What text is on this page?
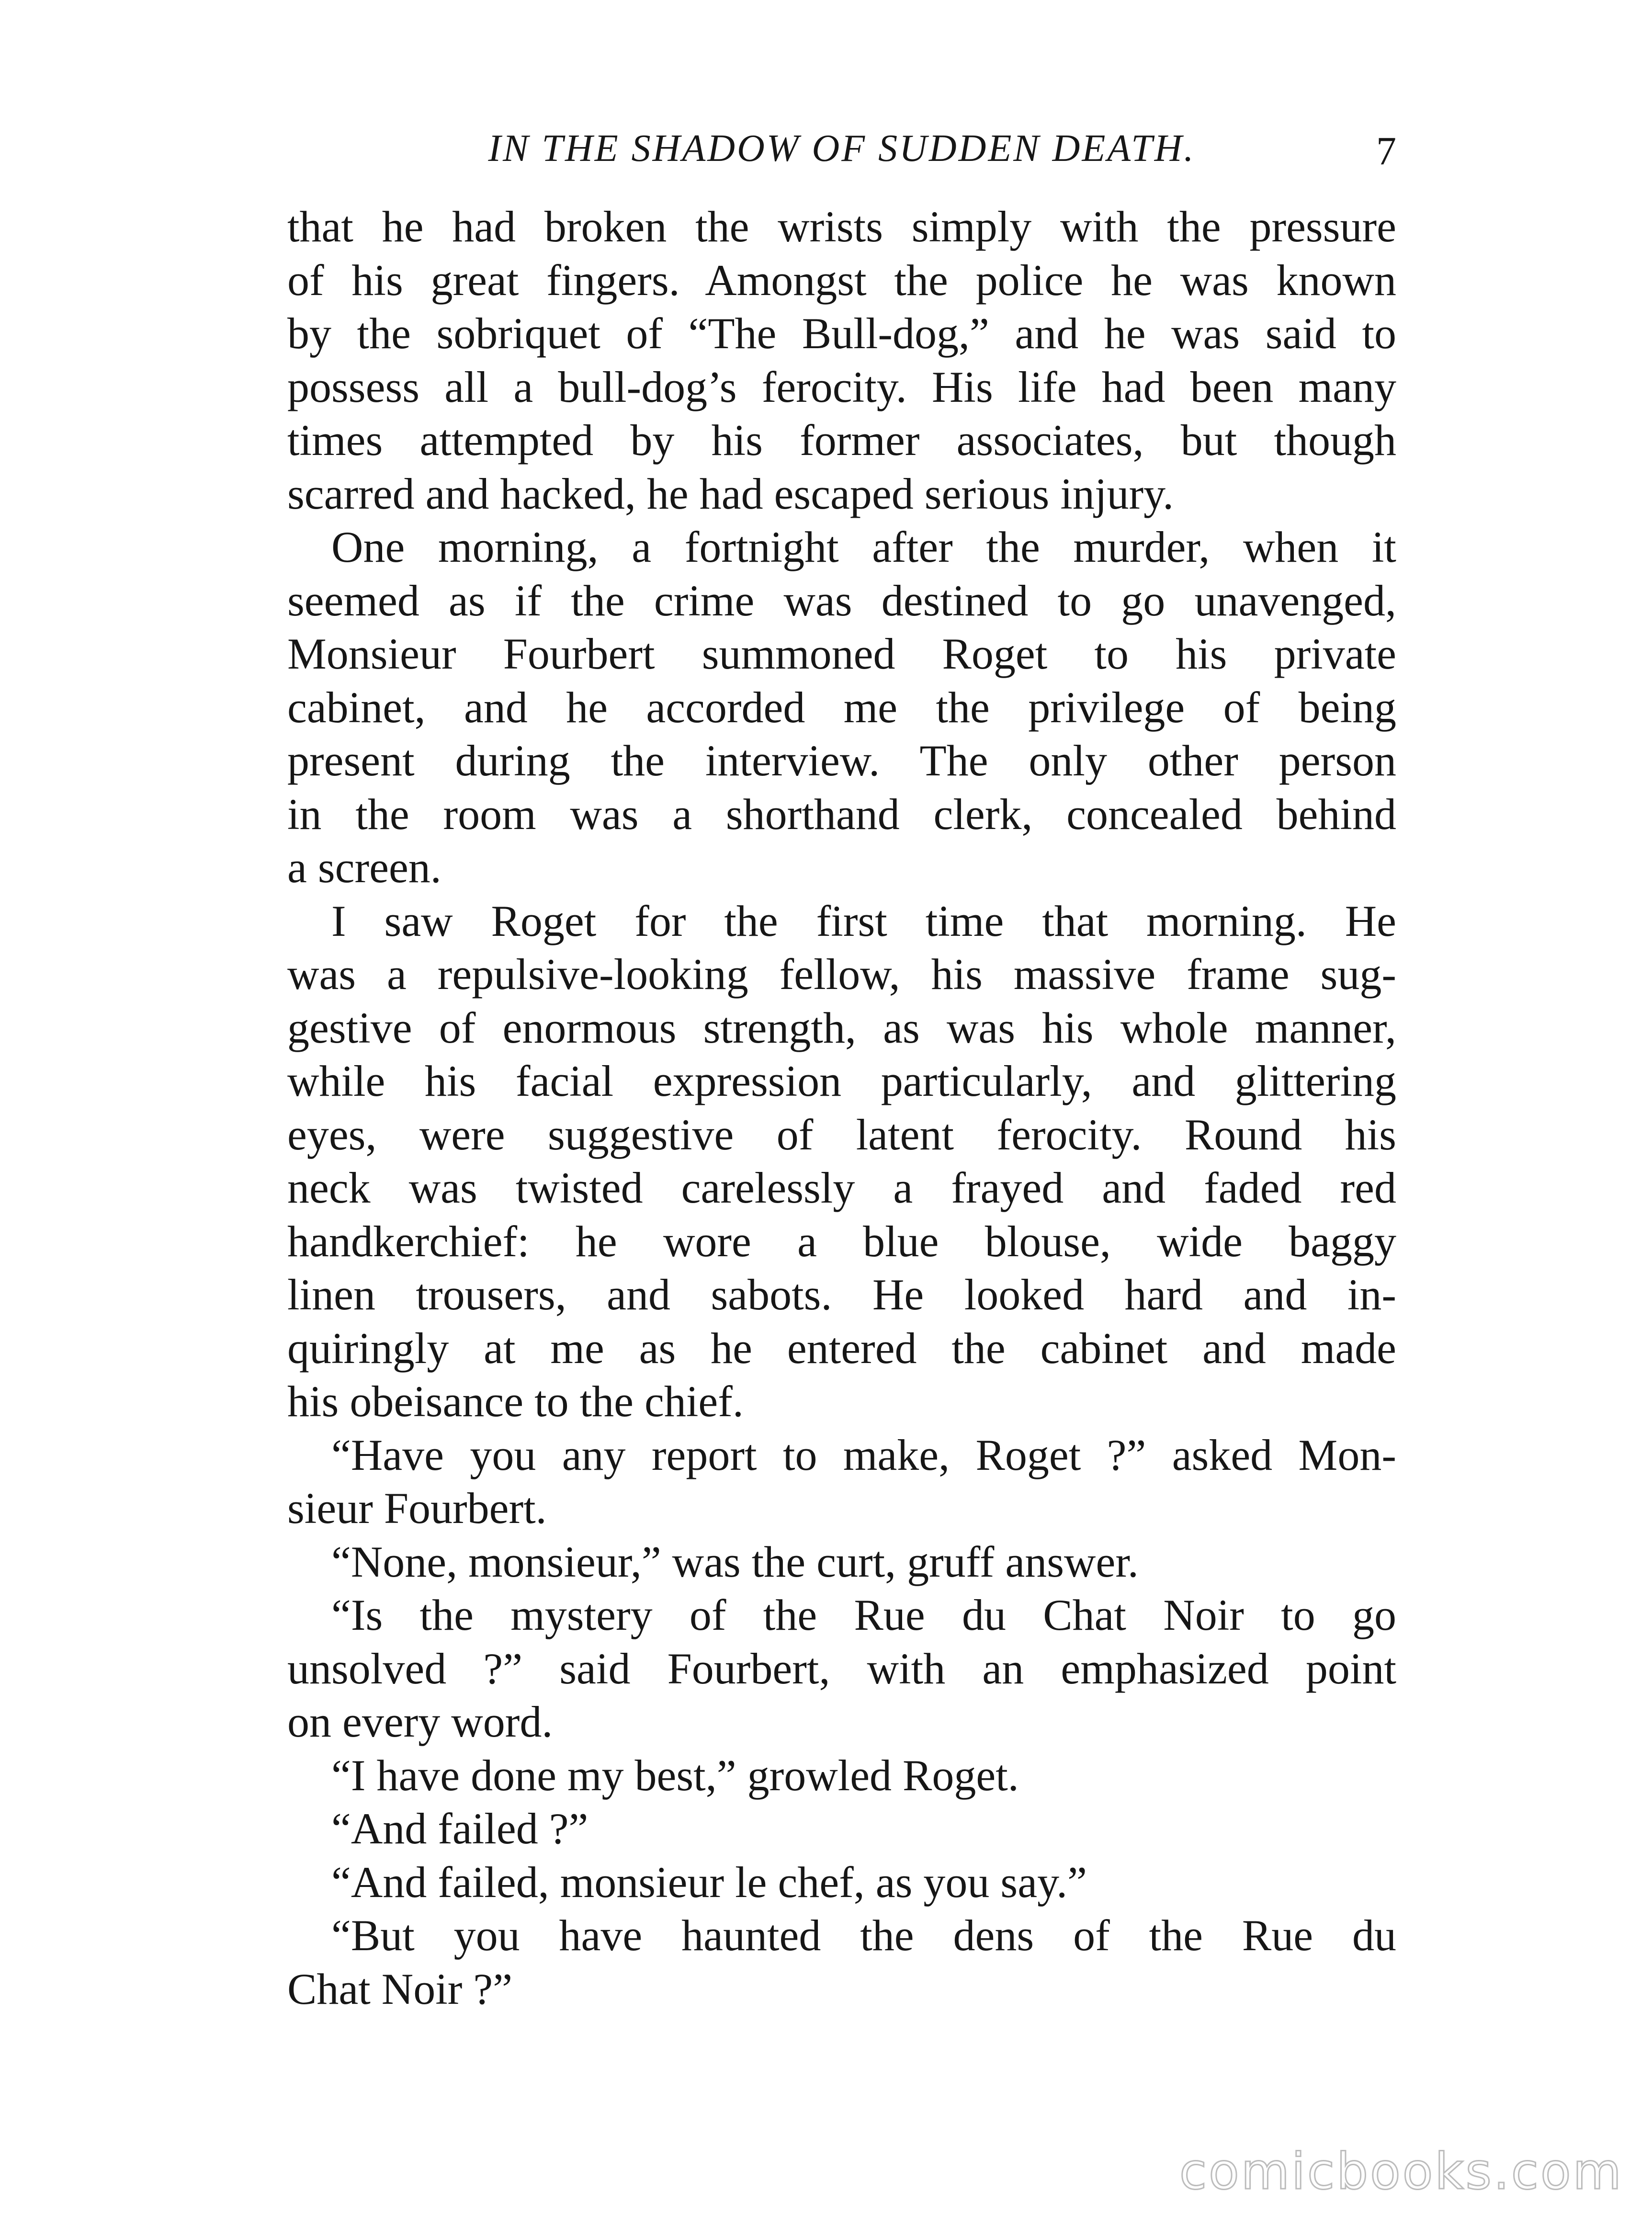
IN THE SHADOW OF SUDDEN DEATH.	7
that he had broken the wrists simply with the pressure
of his great fingers. Amongst the police he was known
by the sobriquet of “The Bull-dog,” and he was said to
possess all a bull-dog’s ferocity. His life had been many
times attempted by his former associates, but though
scarred and hacked, he had escaped serious injury.
One morning, a fortnight after the murder, when it
seemed as if the crime was destined to go unavenged,
Monsieur Fourbert summoned Roget to his private
cabinet, and he accorded me the privilege of being
present during the interview. The only other person
in the room was a shorthand clerk, concealed behind
a screen.
I saw Roget for the first time that morning. He
was a repulsive-looking fellow, his massive frame sug-
gestive of enormous strength, as was his whole manner,
while his facial expression particularly, and glittering
eyes, were suggestive of latent ferocity. Round his
neck was twisted carelessly a frayed and faded red
handkerchief: he wore a blue blouse, wide baggy
linen trousers, and sabots. He looked hard and in-
quiringly at me as he entered the cabinet and made
his obeisance to the chief.
“Have you any report to make, Roget ?” asked Mon-
sieur Fourbert.
“None, monsieur,” was the curt, gruff answer.
“Is the mystery of the Rue du Chat Noir to go
unsolved ?” said Fourbert, with an emphasized point
on every word.
“I have done my best,” growled Roget.
“And failed ?”
“And failed, monsieur le chef, as you say.”
“But you have haunted the dens of the Rue du
Chat Noir ?”
comicbooks.com
